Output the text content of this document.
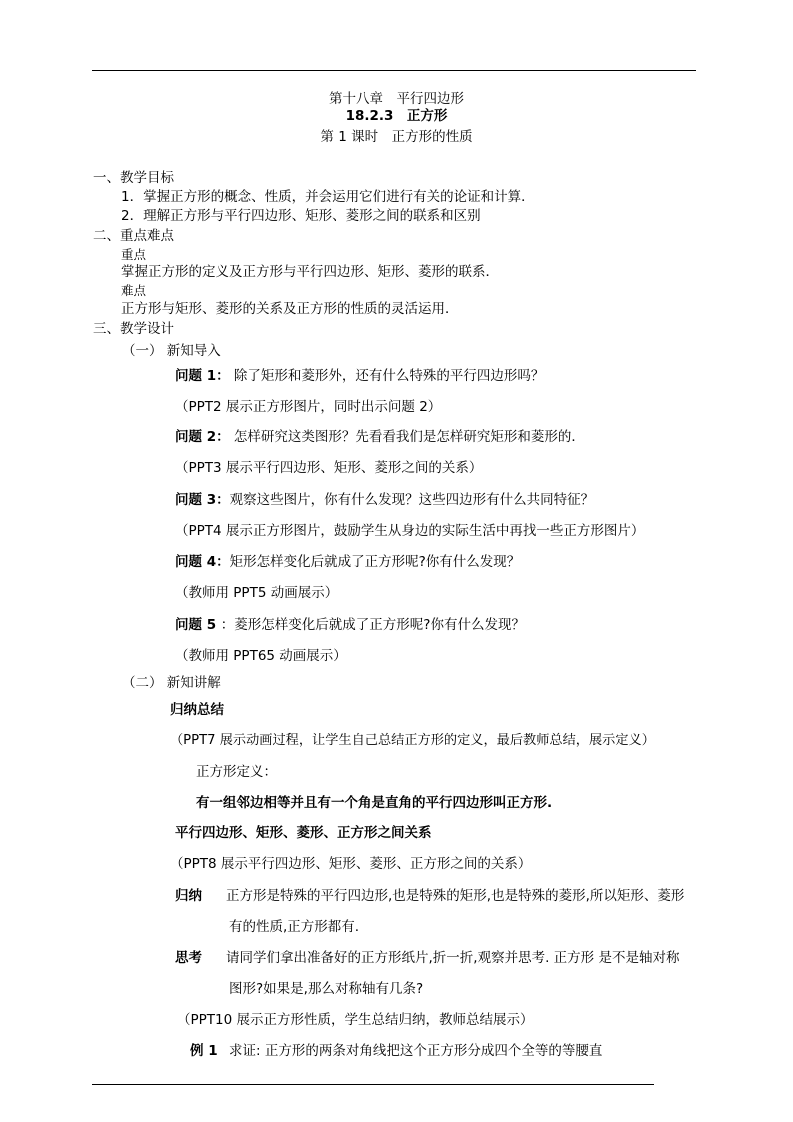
第十八章　平行四边形
18.2.3　正方形
第 1 课时　正方形的性质
一、教学目标
1．掌握正方形的概念、性质，并会运用它们进行有关的论证和计算．
2．理解正方形与平行四边形、矩形、菱形之间的联系和区别
二、重点难点
重点
掌握正方形的定义及正方形与平行四边形、矩形、菱形的联系．
难点
正方形与矩形、菱形的关系及正方形的性质的灵活运用．
三、教学设计
（一） 新知导入
问题 1： 除了矩形和菱形外，还有什么特殊的平行四边形吗？
（PPT2 展示正方形图片，同时出示问题 2）
问题 2： 怎样研究这类图形？先看看我们是怎样研究矩形和菱形的．
（PPT3 展示平行四边形、矩形、菱形之间的关系）
问题 3：观察这些图片，你有什么发现？这些四边形有什么共同特征？
（PPT4 展示正方形图片，鼓励学生从身边的实际生活中再找一些正方形图片）
问题 4：矩形怎样变化后就成了正方形呢?你有什么发现？
（教师用 PPT5 动画展示）
问题 5 ：菱形怎样变化后就成了正方形呢?你有什么发现？
（教师用 PPT65 动画展示）
（二） 新知讲解
归纳总结
（PPT7 展示动画过程，让学生自己总结正方形的定义，最后教师总结，展示定义）
正方形定义：
有一组邻边相等并且有一个角是直角的平行四边形叫正方形.
平行四边形、矩形、菱形、正方形之间关系
（PPT8 展示平行四边形、矩形、菱形、正方形之间的关系）
归纳 正方形是特殊的平行四边形,也是特殊的矩形,也是特殊的菱形,所以矩形、菱形
有的性质,正方形都有.
思考 请同学们拿出准备好的正方形纸片,折一折,观察并思考. 正方形 是不是轴对称
图形?如果是,那么对称轴有几条?
（PPT10 展示正方形性质，学生总结归纳，教师总结展示）
例 1 求证: 正方形的两条对角线把这个正方形分成四个全等的等腰直
